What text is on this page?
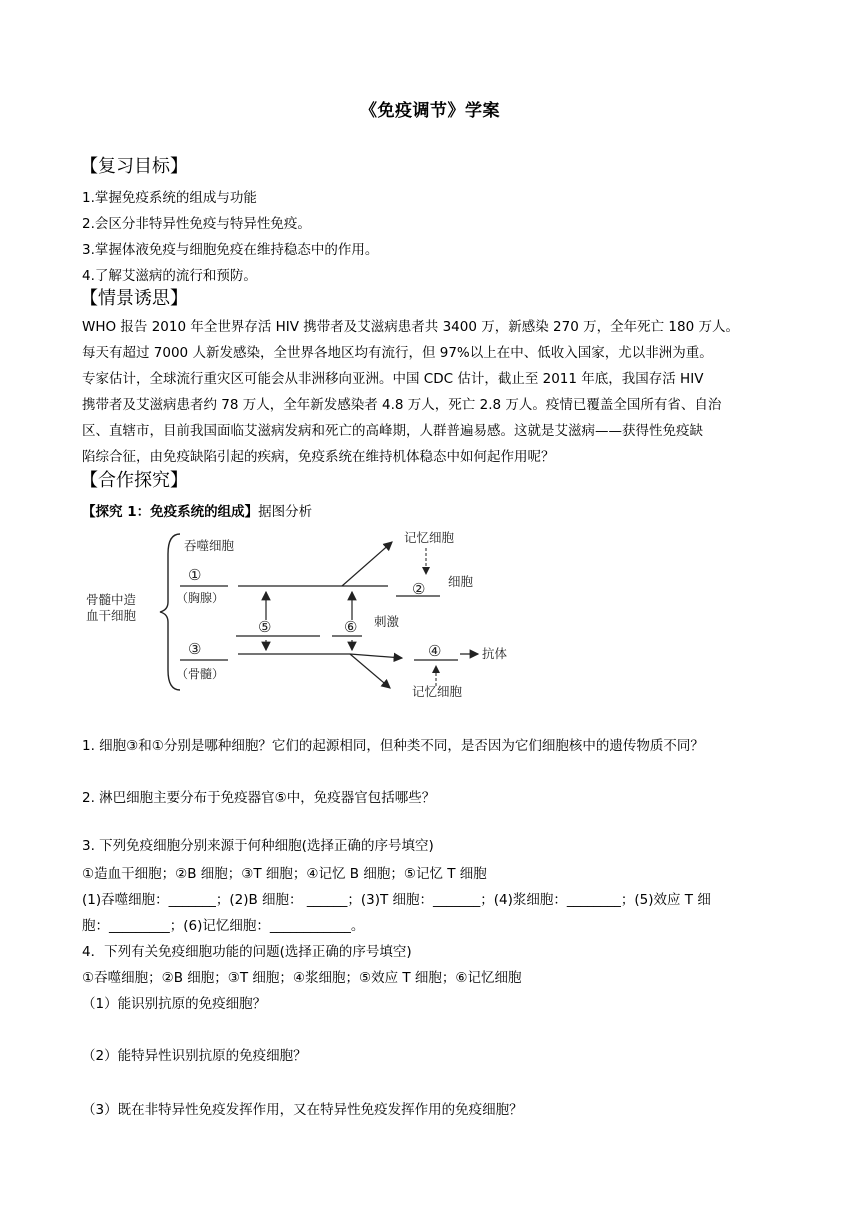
《免疫调节》学案
【复习目标】
1.掌握免疫系统的组成与功能
2.会区分非特异性免疫与特异性免疫。
3.掌握体液免疫与细胞免疫在维持稳态中的作用。
4.了解艾滋病的流行和预防。
【情景诱思】
WHO 报告 2010 年全世界存活 HIV 携带者及艾滋病患者共 3400 万，新感染 270 万，全年死亡 180 万人。
每天有超过 7000 人新发感染，全世界各地区均有流行，但 97%以上在中、低收入国家，尤以非洲为重。
专家估计，全球流行重灾区可能会从非洲移向亚洲。中国 CDC 估计，截止至 2011 年底，我国存活 HIV
携带者及艾滋病患者约 78 万人，全年新发感染者 4.8 万人，死亡 2.8 万人。疫情已覆盖全国所有省、自治
区、直辖市，目前我国面临艾滋病发病和死亡的高峰期，人群普遍易感。这就是艾滋病——获得性免疫缺
陷综合征，由免疫缺陷引起的疾病，免疫系统在维持机体稳态中如何起作用呢？
【合作探究】
【探究 1：免疫系统的组成】据图分析
骨髓中造
血干细胞
吞噬细胞
①
（胸腺）
记忆细胞
② 细胞
⑤	⑥ 刺激
③
（骨髓）
④	抗体
记忆细胞
1. 细胞③和①分别是哪种细胞？它们的起源相同，但种类不同，是否因为它们细胞核中的遗传物质不同？
2. 淋巴细胞主要分布于免疫器官⑤中，免疫器官包括哪些？
3. 下列免疫细胞分别来源于何种细胞(选择正确的序号填空)
①造血干细胞；②B 细胞；③T 细胞；④记忆 B 细胞；⑤记忆 T 细胞
(1)吞噬细胞：_______；(2)B 细胞： ______；(3)T 细胞：_______；(4)浆细胞：________；(5)效应 T 细
胞：_________；(6)记忆细胞：____________。
4．下列有关免疫细胞功能的问题(选择正确的序号填空)
①吞噬细胞；②B 细胞；③T 细胞；④浆细胞；⑤效应 T 细胞；⑥记忆细胞
（1）能识别抗原的免疫细胞？
（2）能特异性识别抗原的免疫细胞？
（3）既在非特异性免疫发挥作用，又在特异性免疫发挥作用的免疫细胞？
